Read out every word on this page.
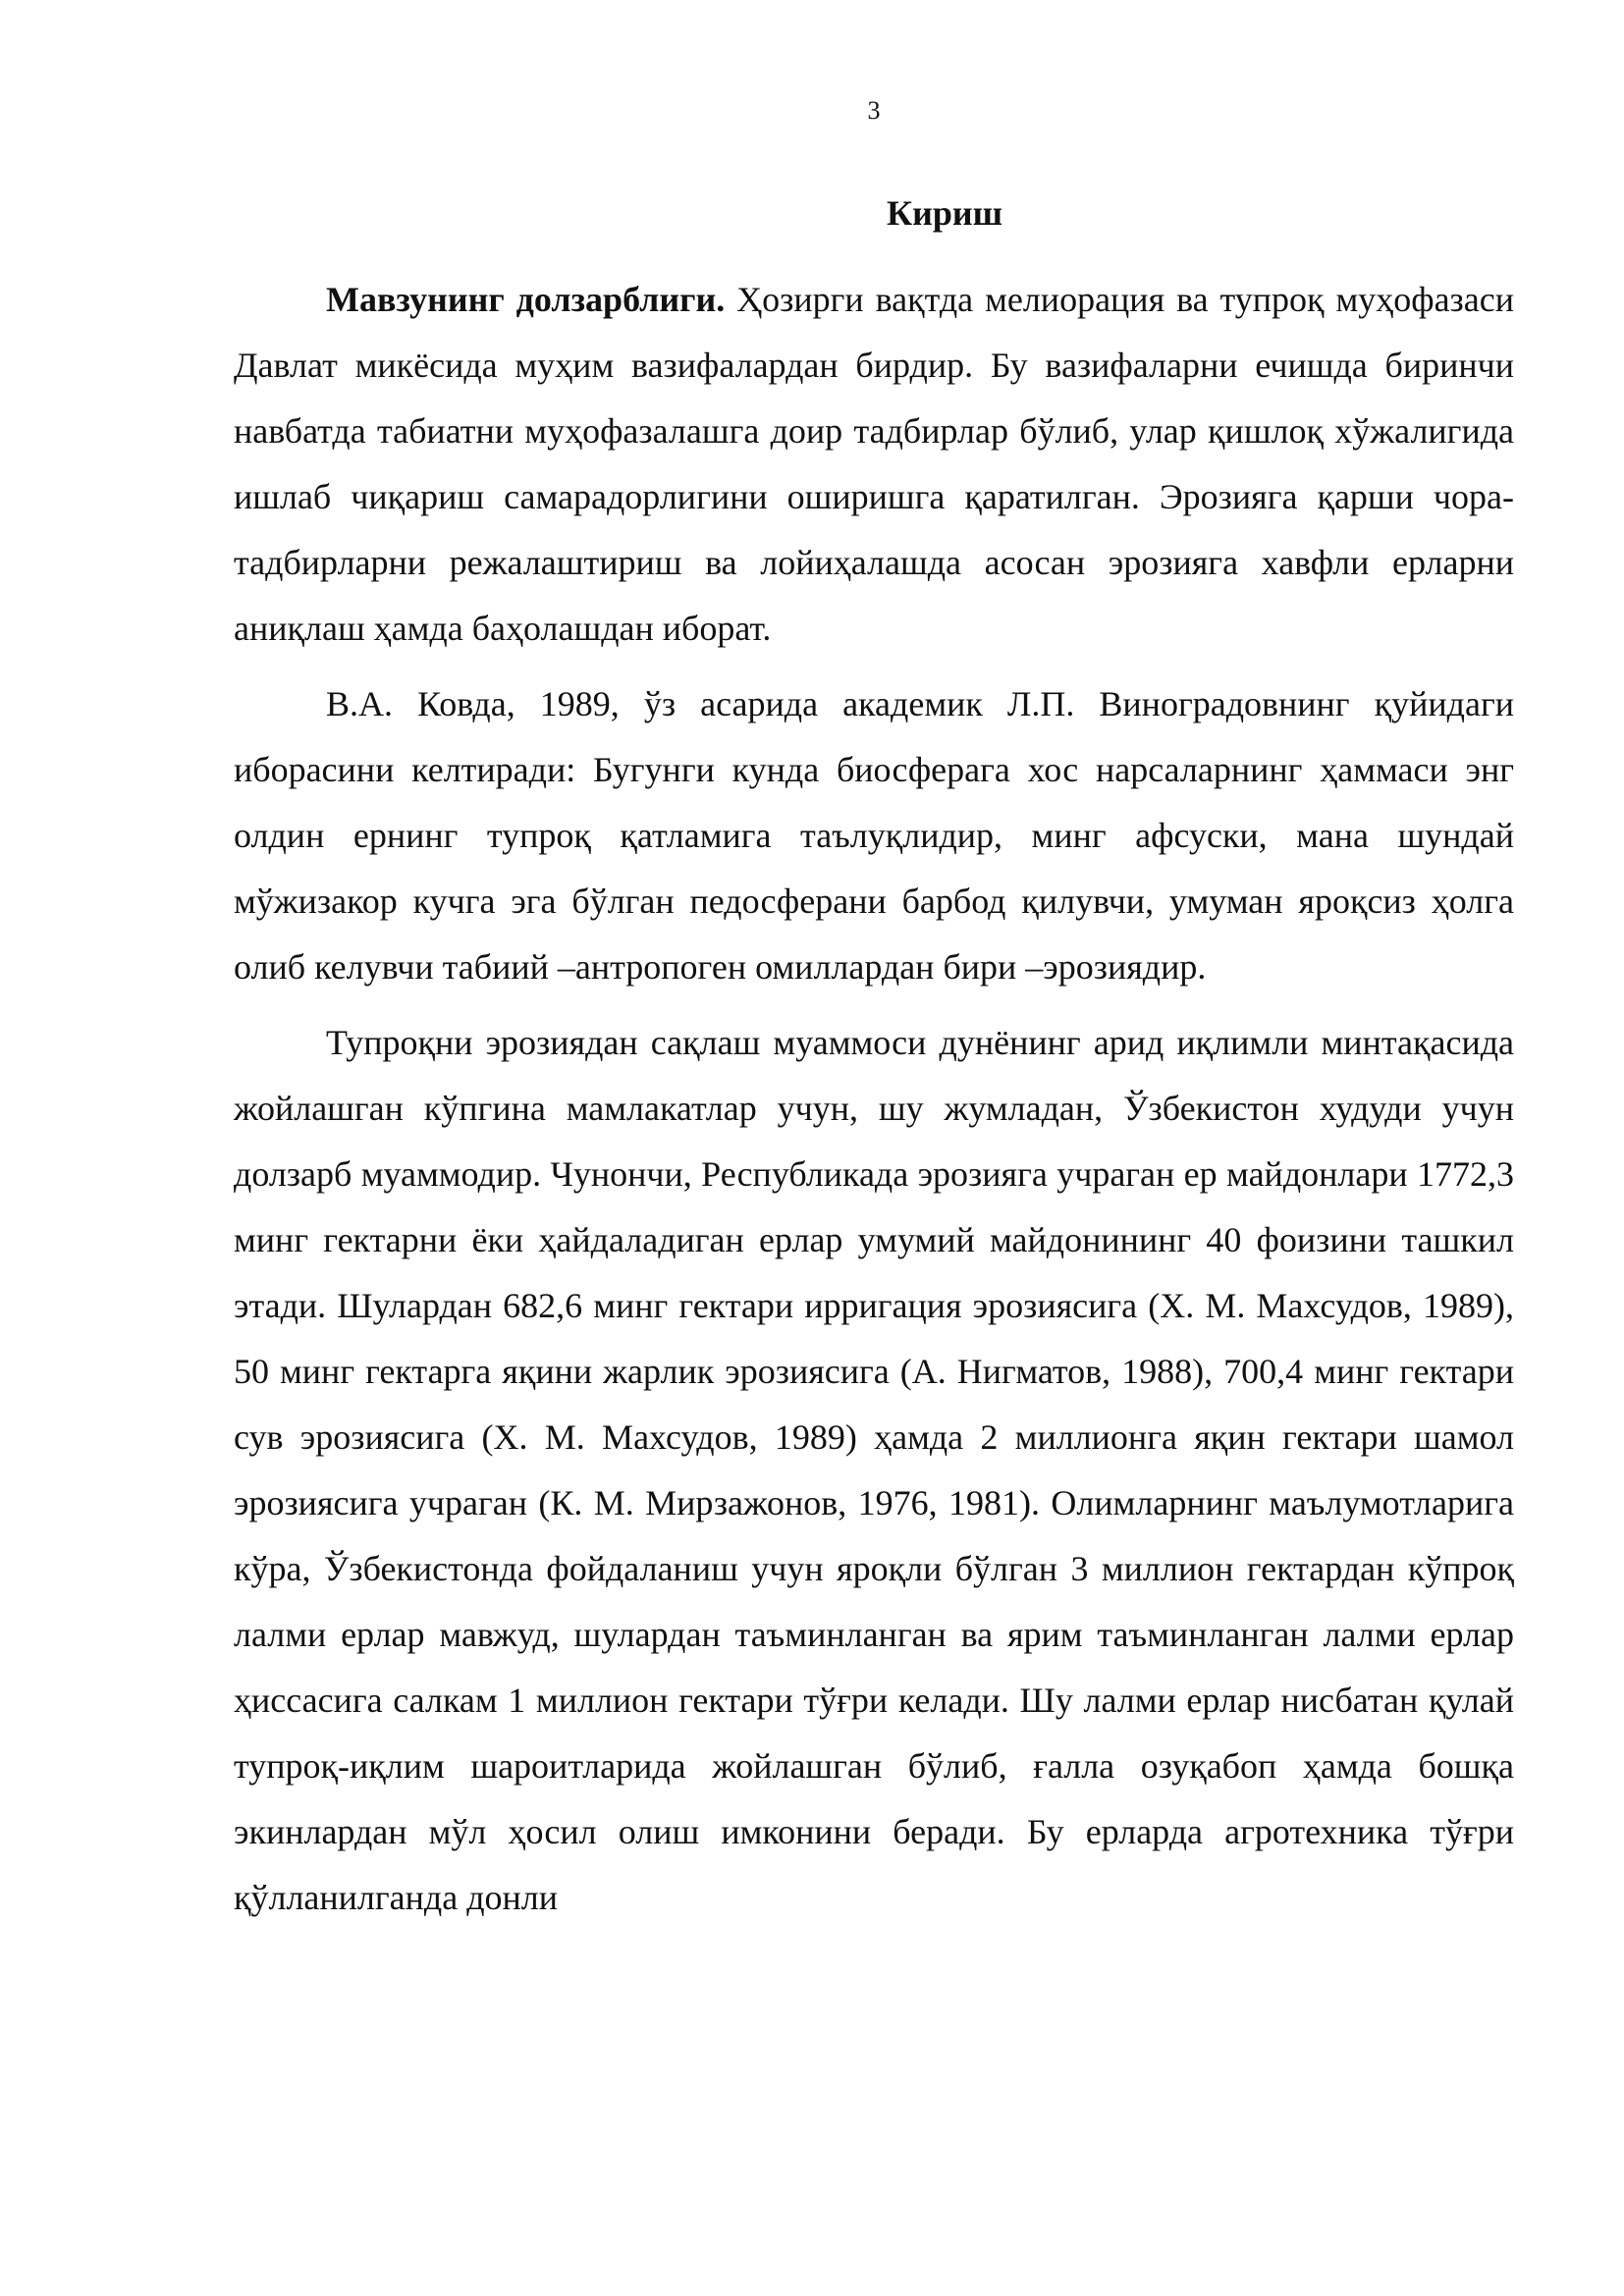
3
Кириш

Мавзунинг долзарблиги. Ҳозирги вақтда мелиорация ва тупроқ муҳофазаси Давлат микёсида муҳим вазифалардан бирдир. Бу вазифаларни ечишда биринчи навбатда табиатни муҳофазалашга доир тадбирлар бўлиб, улар қишлоқ хўжалигида ишлаб чиқариш самарадорлигини оширишга қаратилган. Эрозияга қарши чора-тадбирларни режалаштириш ва лойиҳалашда асосан эрозияга хавфли ерларни аниқлаш ҳамда баҳолашдан иборат.

В.А. Ковда, 1989, ўз асарида академик Л.П. Виноградовнинг қуйидаги иборасини келтиради: Бугунги кунда биосферага хос нарсаларнинг ҳаммаси энг олдин ернинг тупроқ қатламига таълуқлидир, минг афсуски, мана шундай мўжизакор кучга эга бўлган педосферани барбод қилувчи, умуман яроқсиз ҳолга олиб келувчи табиий –антропоген омиллардан бири –эрозиядир.

Тупроқни эрозиядан сақлаш муаммоси дунёнинг арид иқлимли минтақасида жойлашган кўпгина мамлакатлар учун, шу жумладан, Ўзбекистон худуди учун долзарб муаммодир. Чунончи, Республикада эрозияга учраган ер майдонлари 1772,3 минг гектарни ёки ҳайдаладиган ерлар умумий майдонининг 40 фоизини ташкил этади. Шулардан 682,6 минг гектари ирригация эрозиясига (Х. М. Махсудов, 1989), 50 минг гектарга яқини жарлик эрозиясига (А. Нигматов, 1988), 700,4 минг гектари сув эрозиясига (Х. М. Махсудов, 1989) ҳамда 2 миллионга яқин гектари шамол эрозиясига учраган (К. М. Мирзажонов, 1976, 1981). Олимларнинг маълумотларига кўра, Ўзбекистонда фойдаланиш учун яроқли бўлган 3 миллион гектардан кўпроқ лалми ерлар мавжуд, шулардан таъминланган ва ярим таъминланган лалми ерлар ҳиссасига салкам 1 миллион гектари тўғри келади. Шу лалми ерлар нисбатан қулай тупроқ-иқлим шароитларида жойлашган бўлиб, ғалла озуқабоп ҳамда бошқа экинлардан мўл ҳосил олиш имконини беради. Бу ерларда агротехника тўғри қўлланилганда донли
